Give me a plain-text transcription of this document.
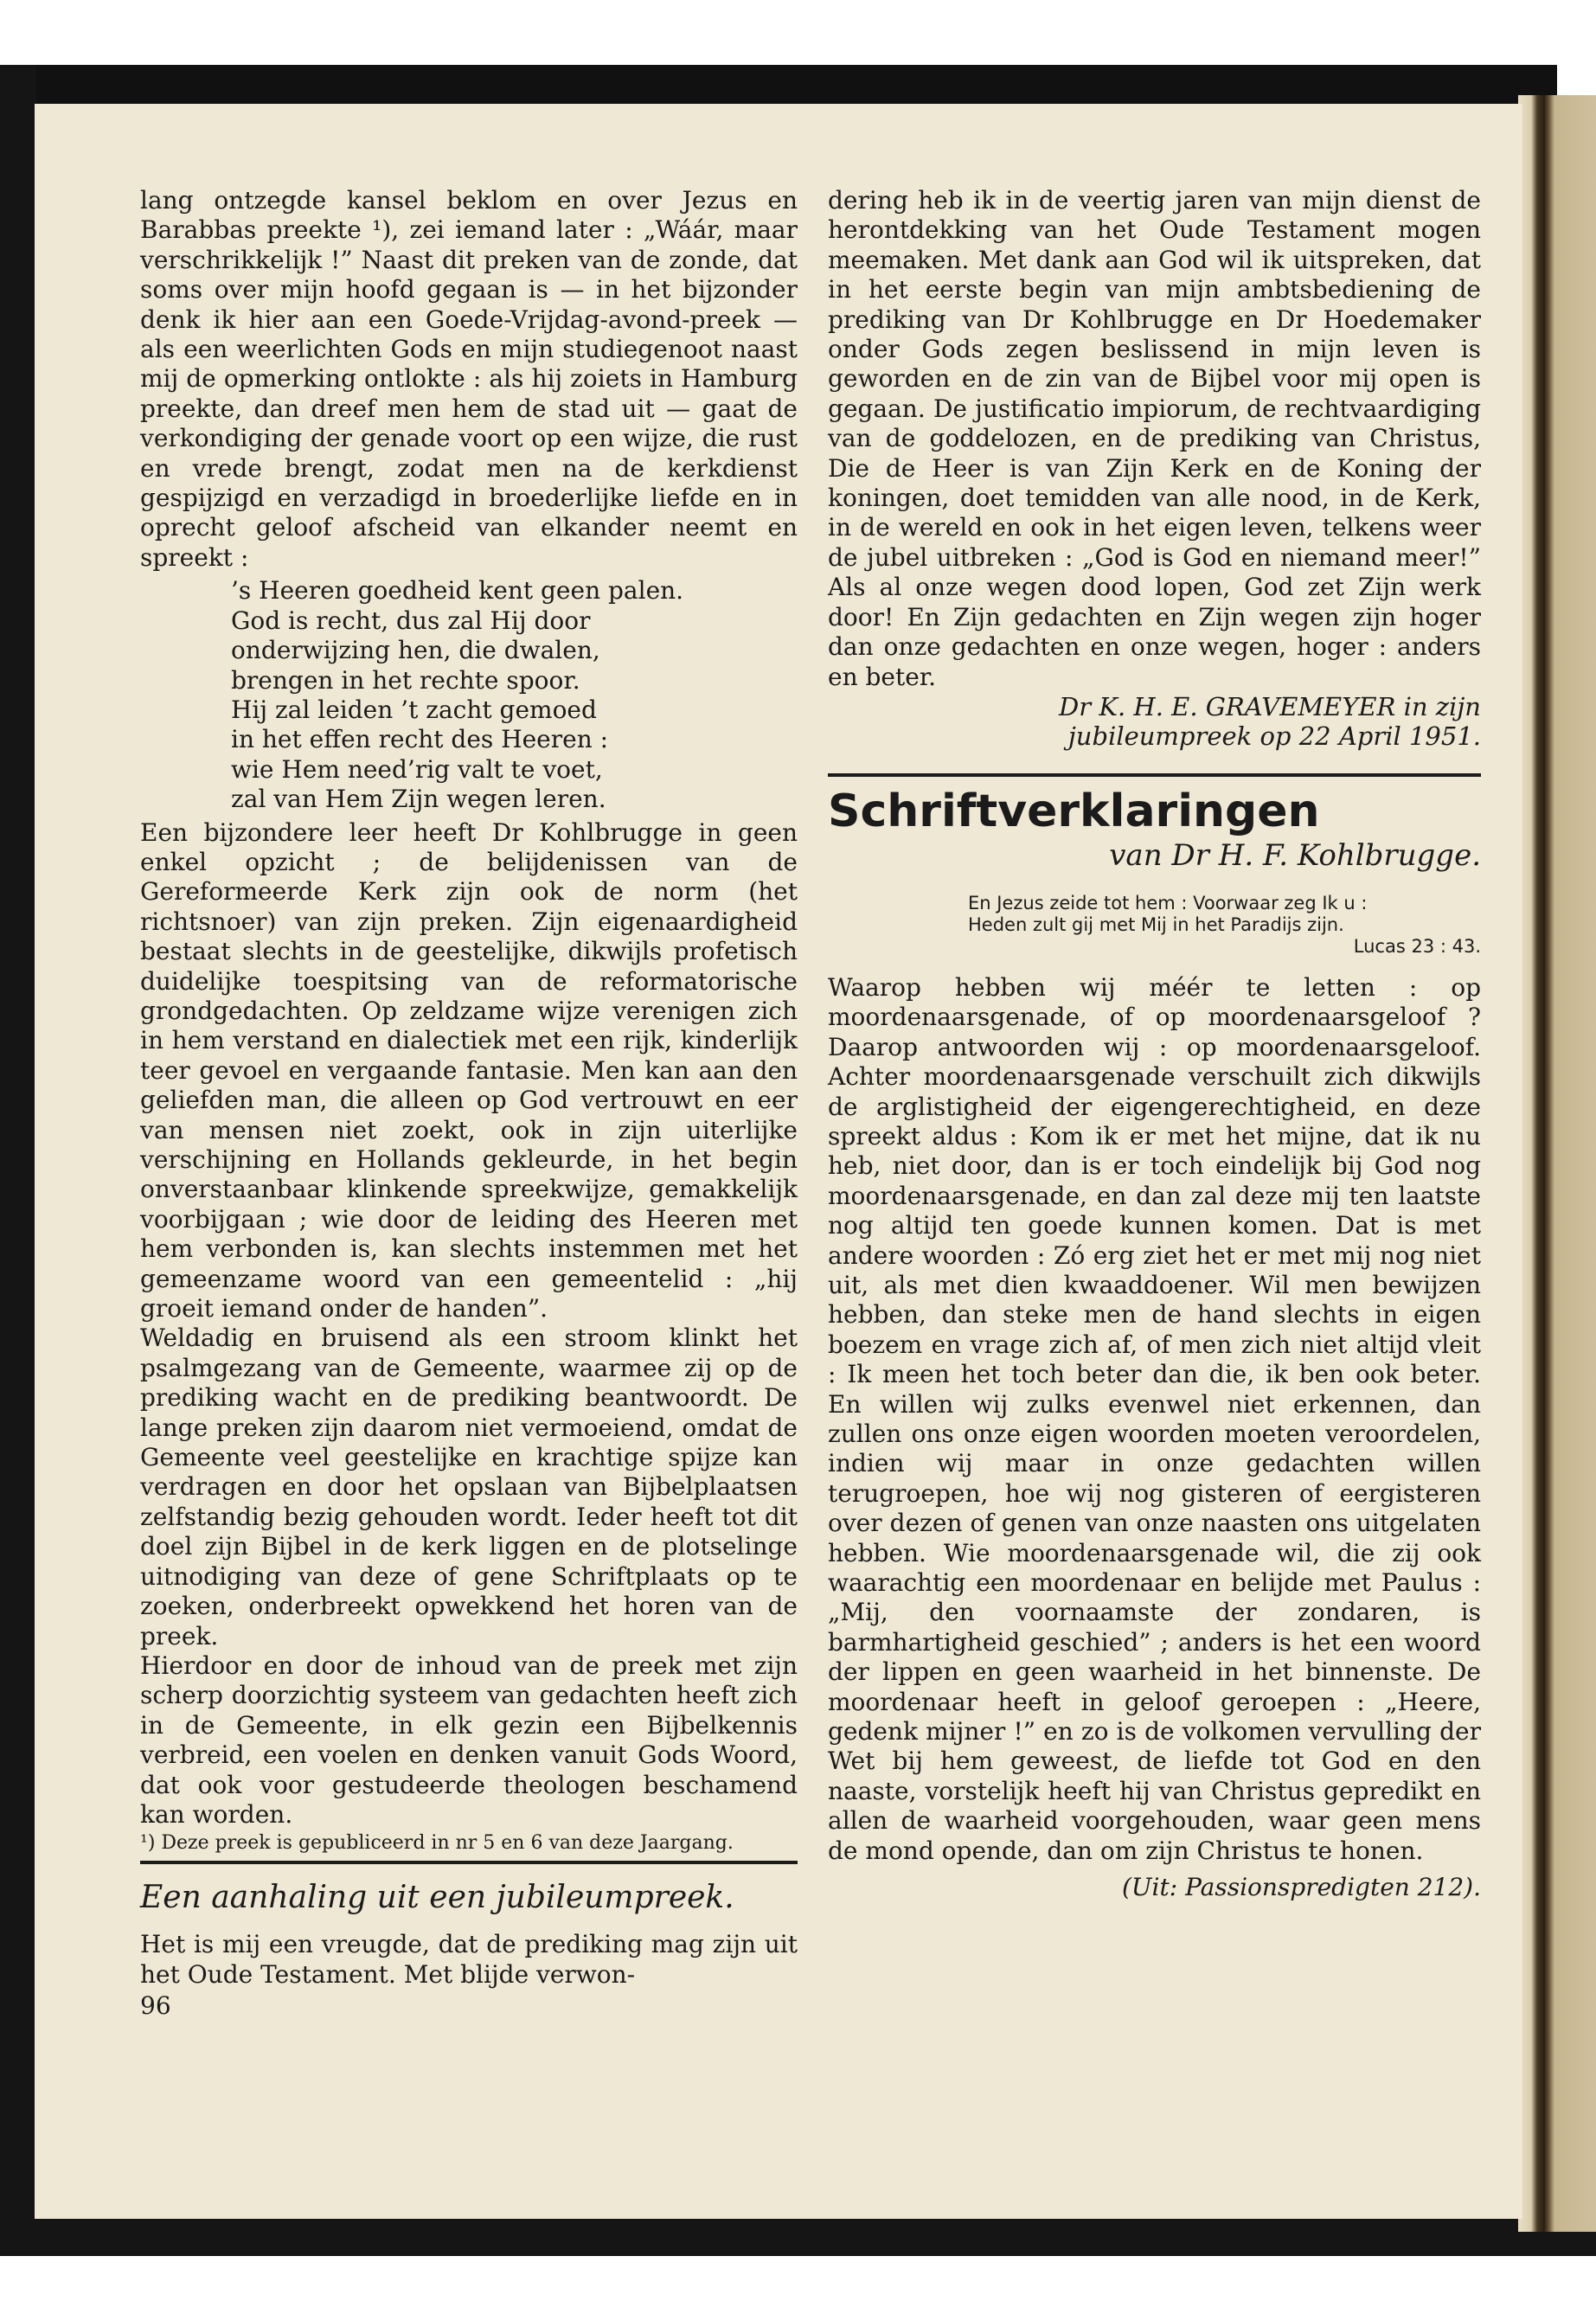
lang ontzegde kansel beklom en over Jezus en Barabbas preekte ¹), zei iemand later : „Wáár, maar verschrikkelijk !” Naast dit preken van de zonde, dat soms over mijn hoofd gegaan is — in het bijzonder denk ik hier aan een Goede-Vrijdag-avond-preek — als een weerlichten Gods en mijn studiegenoot naast mij de opmerking ontlokte : als hij zoiets in Hamburg preekte, dan dreef men hem de stad uit — gaat de verkondiging der genade voort op een wijze, die rust en vrede brengt, zodat men na de kerkdienst gespijzigd en verzadigd in broederlijke liefde en in oprecht geloof afscheid van elkander neemt en spreekt :

’s Heeren goedheid kent geen palen.
God is recht, dus zal Hij door
onderwijzing hen, die dwalen,
brengen in het rechte spoor.
Hij zal leiden ’t zacht gemoed
in het effen recht des Heeren :
wie Hem need’rig valt te voet,
zal van Hem Zijn wegen leren.

Een bijzondere leer heeft Dr Kohlbrugge in geen enkel opzicht ; de belijdenissen van de Gereformeerde Kerk zijn ook de norm (het richtsnoer) van zijn preken. Zijn eigenaardigheid bestaat slechts in de geestelijke, dikwijls profetisch duidelijke toespitsing van de reformatorische grondgedachten. Op zeldzame wijze verenigen zich in hem verstand en dialectiek met een rijk, kinderlijk teer gevoel en vergaande fantasie. Men kan aan den geliefden man, die alleen op God vertrouwt en eer van mensen niet zoekt, ook in zijn uiterlijke verschijning en Hollands gekleurde, in het begin onverstaanbaar klinkende spreekwijze, gemakkelijk voorbijgaan ; wie door de leiding des Heeren met hem verbonden is, kan slechts instemmen met het gemeenzame woord van een gemeentelid : „hij groeit iemand onder de handen”.

Weldadig en bruisend als een stroom klinkt het psalmgezang van de Gemeente, waarmee zij op de prediking wacht en de prediking beantwoordt. De lange preken zijn daarom niet vermoeiend, omdat de Gemeente veel geestelijke en krachtige spijze kan verdragen en door het opslaan van Bijbelplaatsen zelfstandig bezig gehouden wordt. Ieder heeft tot dit doel zijn Bijbel in de kerk liggen en de plotselinge uitnodiging van deze of gene Schriftplaats op te zoeken, onderbreekt opwekkend het horen van de preek.

Hierdoor en door de inhoud van de preek met zijn scherp doorzichtig systeem van gedachten heeft zich in de Gemeente, in elk gezin een Bijbelkennis verbreid, een voelen en denken vanuit Gods Woord, dat ook voor gestudeerde theologen beschamend kan worden.

¹) Deze preek is gepubliceerd in nr 5 en 6 van deze Jaargang.
Een aanhaling uit een jubileumpreek.

Het is mij een vreugde, dat de prediking mag zijn uit het Oude Testament. Met blijde verwon-

96

dering heb ik in de veertig jaren van mijn dienst de herontdekking van het Oude Testament mogen meemaken. Met dank aan God wil ik uitspreken, dat in het eerste begin van mijn ambtsbediening de prediking van Dr Kohlbrugge en Dr Hoedemaker onder Gods zegen beslissend in mijn leven is geworden en de zin van de Bijbel voor mij open is gegaan. De justificatio impiorum, de rechtvaardiging van de goddelozen, en de prediking van Christus, Die de Heer is van Zijn Kerk en de Koning der koningen, doet temidden van alle nood, in de Kerk, in de wereld en ook in het eigen leven, telkens weer de jubel uitbreken : „God is God en niemand meer!” Als al onze wegen dood lopen, God zet Zijn werk door! En Zijn gedachten en Zijn wegen zijn hoger dan onze gedachten en onze wegen, hoger : anders en beter.

Dr K. H. E. GRAVEMEYER in zijn
jubileumpreek op 22 April 1951.
Schriftverklaringen
van Dr H. F. Kohlbrugge.
En Jezus zeide tot hem : Voorwaar zeg Ik u :
Heden zult gij met Mij in het Paradijs zijn.
Lucas 23 : 43.

Waarop hebben wij méér te letten : op moordenaarsgenade, of op moordenaarsgeloof ? Daarop antwoorden wij : op moordenaarsgeloof. Achter moordenaarsgenade verschuilt zich dikwijls de arglistigheid der eigengerechtigheid, en deze spreekt aldus : Kom ik er met het mijne, dat ik nu heb, niet door, dan is er toch eindelijk bij God nog moordenaarsgenade, en dan zal deze mij ten laatste nog altijd ten goede kunnen komen. Dat is met andere woorden : Zó erg ziet het er met mij nog niet uit, als met dien kwaaddoener. Wil men bewijzen hebben, dan steke men de hand slechts in eigen boezem en vrage zich af, of men zich niet altijd vleit : Ik meen het toch beter dan die, ik ben ook beter. En willen wij zulks evenwel niet erkennen, dan zullen ons onze eigen woorden moeten veroordelen, indien wij maar in onze gedachten willen terugroepen, hoe wij nog gisteren of eergisteren over dezen of genen van onze naasten ons uitgelaten hebben. Wie moordenaarsgenade wil, die zij ook waarachtig een moordenaar en belijde met Paulus : „Mij, den voornaamste der zondaren, is barmhartigheid geschied” ; anders is het een woord der lippen en geen waarheid in het binnenste. De moordenaar heeft in geloof geroepen : „Heere, gedenk mijner !” en zo is de volkomen vervulling der Wet bij hem geweest, de liefde tot God en den naaste, vorstelijk heeft hij van Christus gepredikt en allen de waarheid voorgehouden, waar geen mens de mond opende, dan om zijn Christus te honen.

(Uit: Passionspredigten 212).
